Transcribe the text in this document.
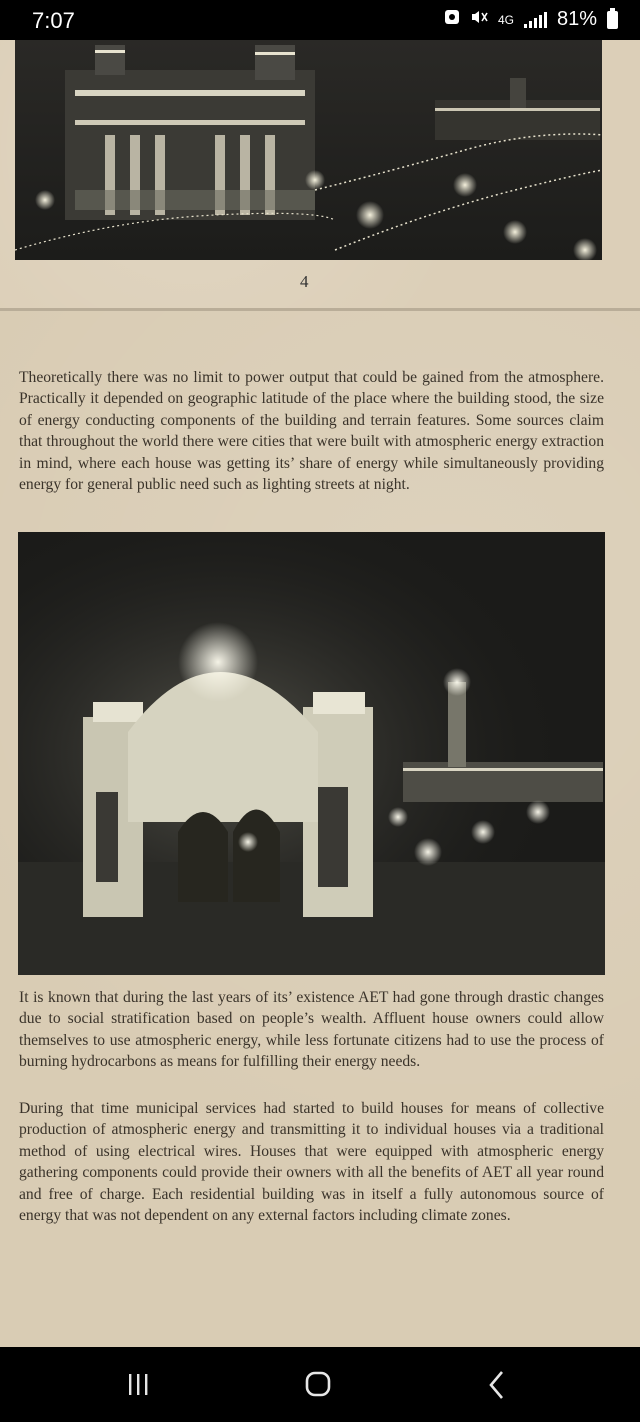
7:07	4G 81%
4

Theoretically there was no limit to power output that could be gained from the atmosphere. Practically it depended on geographic latitude of the place where the building stood, the size of energy conducting components of the building and terrain features. Some sources claim that throughout the world there were cities that were built with atmospheric energy extraction in mind, where each house was getting its’ share of energy while simultaneously providing energy for general public need such as lighting streets at night.

It is known that during the last years of its’ existence AET had gone through drastic changes due to social stratification based on people’s wealth. Affluent house owners could allow themselves to use atmospheric energy, while less fortunate citizens had to use the process of burning hydrocarbons as means for fulfilling their energy needs.

During that time municipal services had started to build houses for means of collective production of atmospheric energy and transmitting it to individual houses via a traditional method of using electrical wires. Houses that were equipped with atmospheric energy gathering components could provide their owners with all the benefits of AET all year round and free of charge. Each residential building was in itself a fully autonomous source of energy that was not dependent on any external factors including climate zones.
